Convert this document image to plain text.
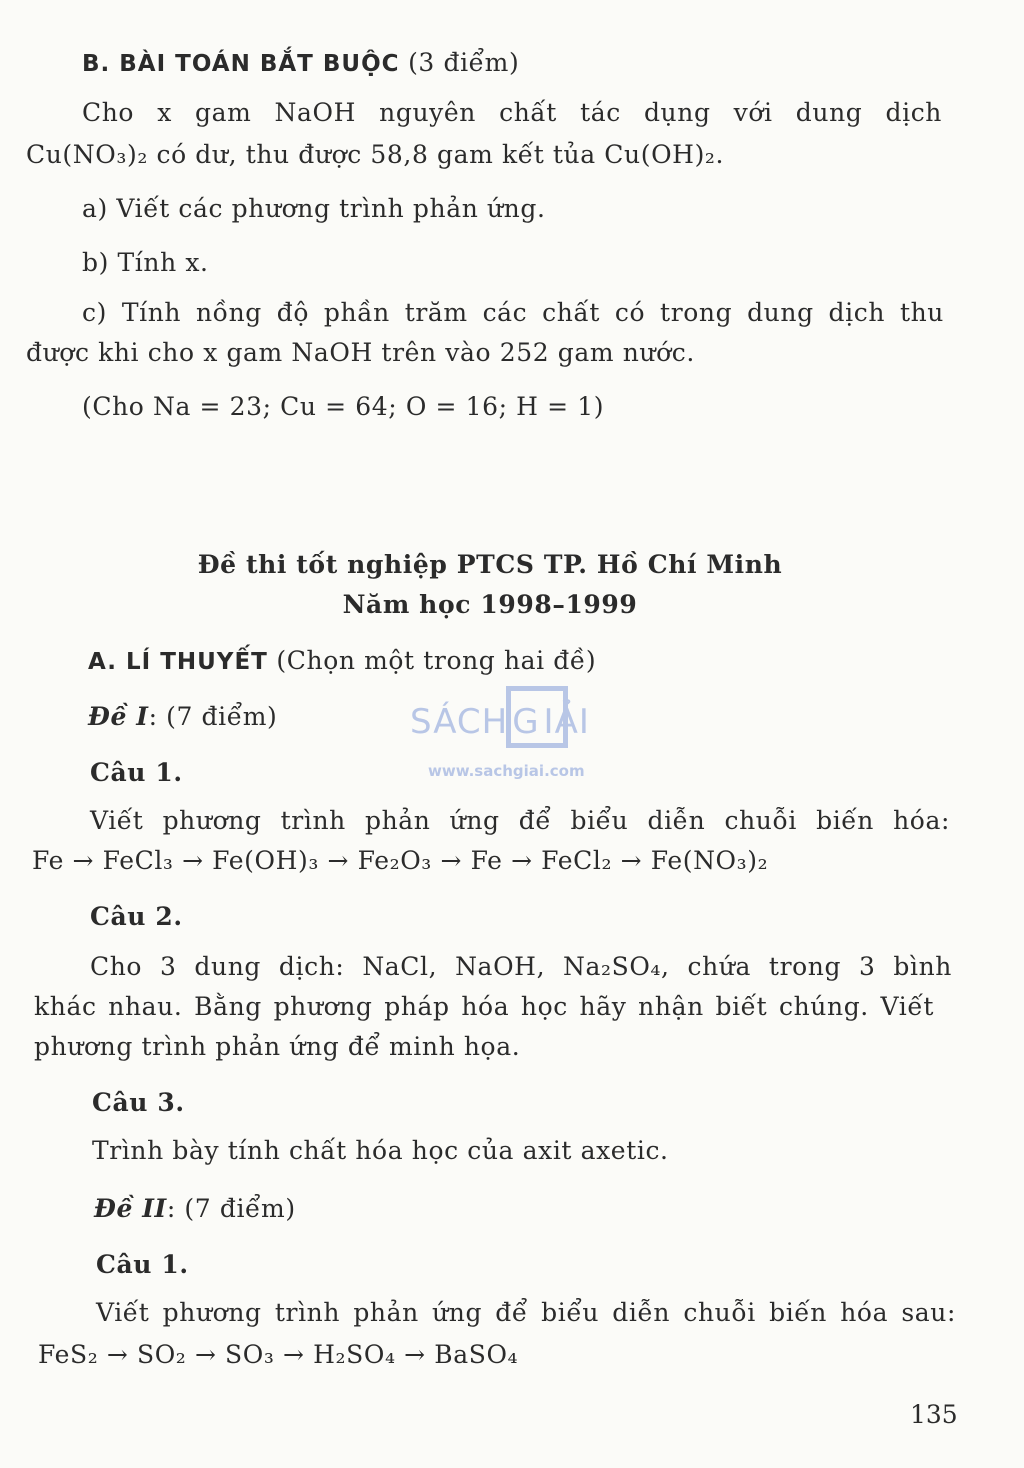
B. BÀI TOÁN BẮT BUỘC (3 điểm)
Cho x gam NaOH nguyên chất tác dụng với dung dịch
Cu(NO₃)₂ có dư, thu được 58,8 gam kết tủa Cu(OH)₂.
a) Viết các phương trình phản ứng.
b) Tính x.
c) Tính nồng độ phần trăm các chất có trong dung dịch thu
được khi cho x gam NaOH trên vào 252 gam nước.
(Cho Na = 23; Cu = 64; O = 16; H = 1)
Đề thi tốt nghiệp PTCS TP. Hồ Chí Minh
Năm học 1998–1999
A. LÍ THUYẾT (Chọn một trong hai đề)
Đề I: (7 điểm)	SÁCH G IẢI
www.sachgiai.com
Câu 1.
Viết phương trình phản ứng để biểu diễn chuỗi biến hóa:
Fe → FeCl₃ → Fe(OH)₃ → Fe₂O₃ → Fe → FeCl₂ → Fe(NO₃)₂
Câu 2.
Cho 3 dung dịch: NaCl, NaOH, Na₂SO₄, chứa trong 3 bình
khác nhau. Bằng phương pháp hóa học hãy nhận biết chúng. Viết
phương trình phản ứng để minh họa.
Câu 3.
Trình bày tính chất hóa học của axit axetic.
Đề II: (7 điểm)
Câu 1.
Viết phương trình phản ứng để biểu diễn chuỗi biến hóa sau:
FeS₂ → SO₂ → SO₃ → H₂SO₄ → BaSO₄
135
